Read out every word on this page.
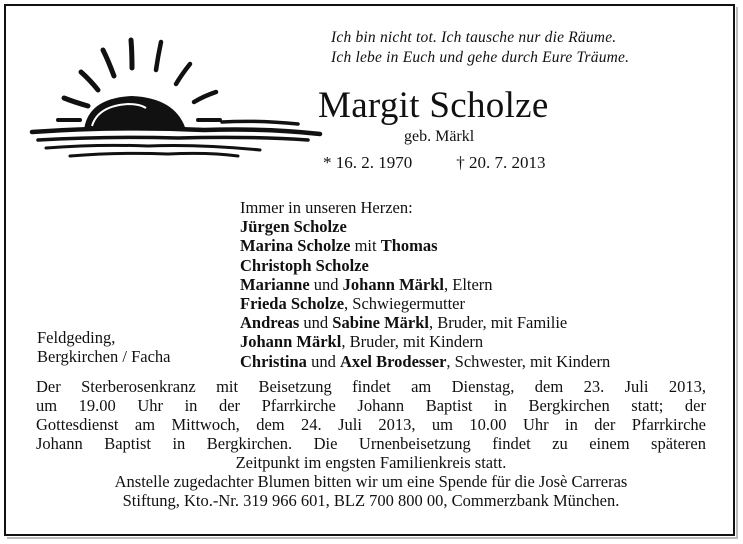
Ich bin nicht tot. Ich tausche nur die Räume.
Ich lebe in Euch und gehe durch Eure Träume.
Margit Scholze
geb. Märkl
* 16. 2. 1970	† 20. 7. 2013
Immer in unseren Herzen:
Jürgen Scholze
Marina Scholze mit Thomas
Christoph Scholze
Marianne und Johann Märkl, Eltern
Frieda Scholze, Schwiegermutter
Andreas und Sabine Märkl, Bruder, mit Familie
Johann Märkl, Bruder, mit Kindern
Christina und Axel Brodesser, Schwester, mit Kindern
Feldgeding,
Bergkirchen / Facha
Der Sterberosenkranz mit Beisetzung findet am Dienstag, dem 23. Juli 2013,
um 19.00 Uhr in der Pfarrkirche Johann Baptist in Bergkirchen statt; der
Gottesdienst am Mittwoch, dem 24. Juli 2013, um 10.00 Uhr in der Pfarrkirche
Johann Baptist in Bergkirchen. Die Urnenbeisetzung findet zu einem späteren
Zeitpunkt im engsten Familienkreis statt.
Anstelle zugedachter Blumen bitten wir um eine Spende für die Josè Carreras
Stiftung, Kto.-Nr. 319 966 601, BLZ 700 800 00, Commerzbank München.
